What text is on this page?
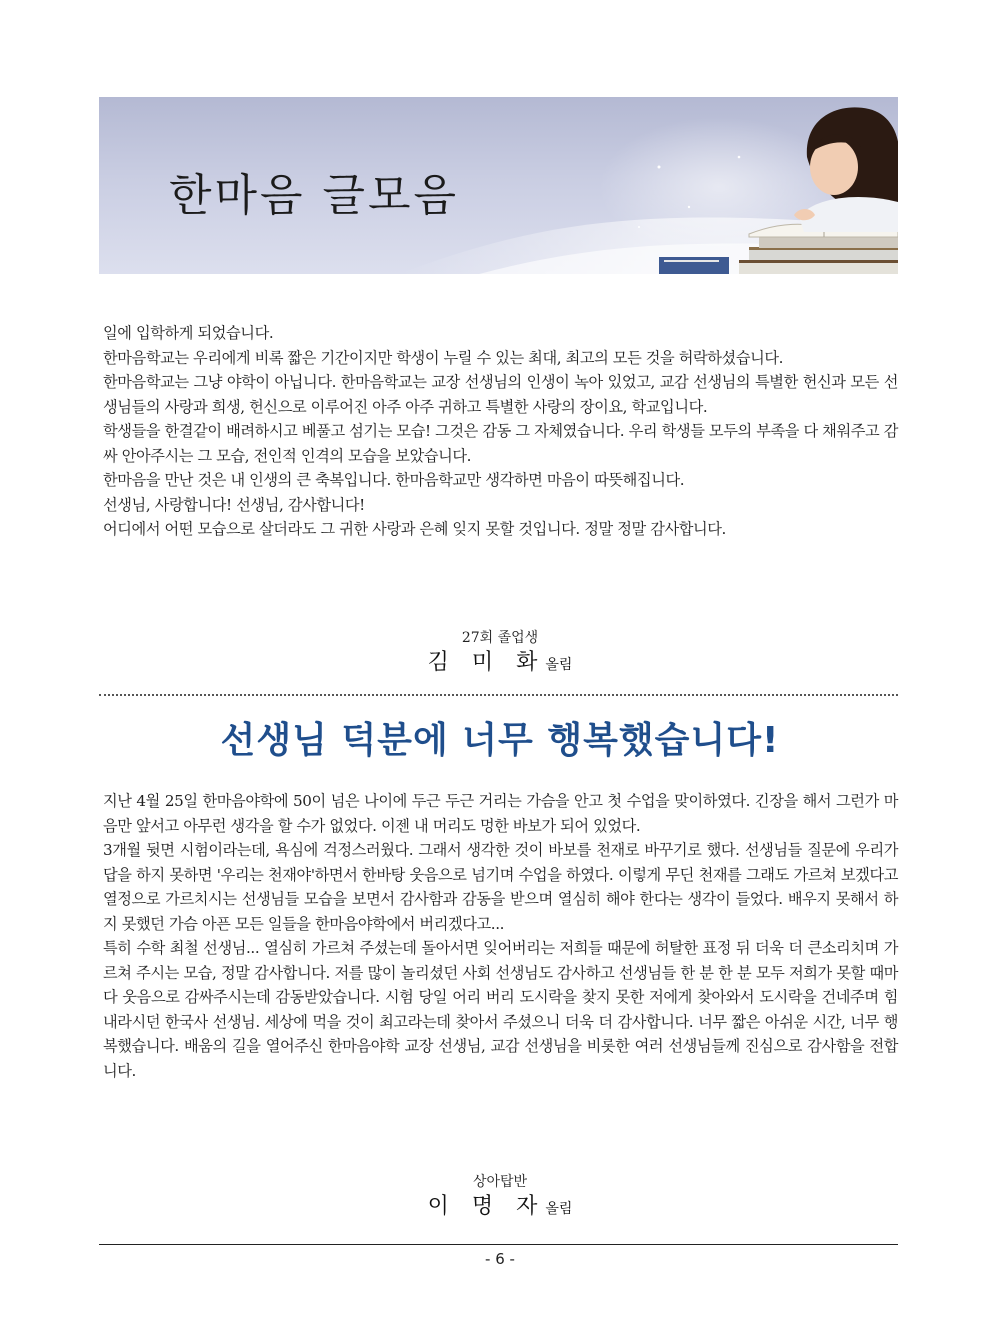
한마음 글모음

일에 입학하게 되었습니다.

한마음학교는 우리에게 비록 짧은 기간이지만 학생이 누릴 수 있는 최대, 최고의 모든 것을 허락하셨습니다.

한마음학교는 그냥 야학이 아닙니다. 한마음학교는 교장 선생님의 인생이 녹아 있었고, 교감 선생님의 특별한 헌신과 모든 선생님들의 사랑과 희생, 헌신으로 이루어진 아주 아주 귀하고 특별한 사랑의 장이요, 학교입니다.

학생들을 한결같이 배려하시고 베풀고 섬기는 모습! 그것은 감동 그 자체였습니다. 우리 학생들 모두의 부족을 다 채워주고 감싸 안아주시는 그 모습, 전인적 인격의 모습을 보았습니다.

한마음을 만난 것은 내 인생의 큰 축복입니다. 한마음학교만 생각하면 마음이 따뜻해집니다.

선생님, 사랑합니다! 선생님, 감사합니다!

어디에서 어떤 모습으로 살더라도 그 귀한 사랑과 은혜 잊지 못할 것입니다. 정말 정말 감사합니다.

27회 졸업생
김 미 화올림
선생님 덕분에 너무 행복했습니다!

지난 4월 25일 한마음야학에 50이 넘은 나이에 두근 두근 거리는 가슴을 안고 첫 수업을 맞이하였다. 긴장을 해서 그런가 마음만 앞서고 아무런 생각을 할 수가 없었다. 이젠 내 머리도 멍한 바보가 되어 있었다.

3개월 뒷면 시험이라는데, 욕심에 걱정스러웠다. 그래서 생각한 것이 바보를 천재로 바꾸기로 했다. 선생님들 질문에 우리가 답을 하지 못하면 '우리는 천재야'하면서 한바탕 웃음으로 넘기며 수업을 하였다. 이렇게 무딘 천재를 그래도 가르쳐 보겠다고 열정으로 가르치시는 선생님들 모습을 보면서 감사함과 감동을 받으며 열심히 해야 한다는 생각이 들었다. 배우지 못해서 하지 못했던 가슴 아픈 모든 일들을 한마음야학에서 버리겠다고...

특히 수학 최철 선생님... 열심히 가르쳐 주셨는데 돌아서면 잊어버리는 저희들 때문에 허탈한 표정 뒤 더욱 더 큰소리치며 가르쳐 주시는 모습, 정말 감사합니다. 저를 많이 놀리셨던 사회 선생님도 감사하고 선생님들 한 분 한 분 모두 저희가 못할 때마다 웃음으로 감싸주시는데 감동받았습니다. 시험 당일 어리 버리 도시락을 찾지 못한 저에게 찾아와서 도시락을 건네주며 힘내라시던 한국사 선생님. 세상에 먹을 것이 최고라는데 찾아서 주셨으니 더욱 더 감사합니다. 너무 짧은 아쉬운 시간, 너무 행복했습니다. 배움의 길을 열어주신 한마음야학 교장 선생님, 교감 선생님을 비롯한 여러 선생님들께 진심으로 감사함을 전합니다.

상아탑반
이 명 자올림
- 6 -
